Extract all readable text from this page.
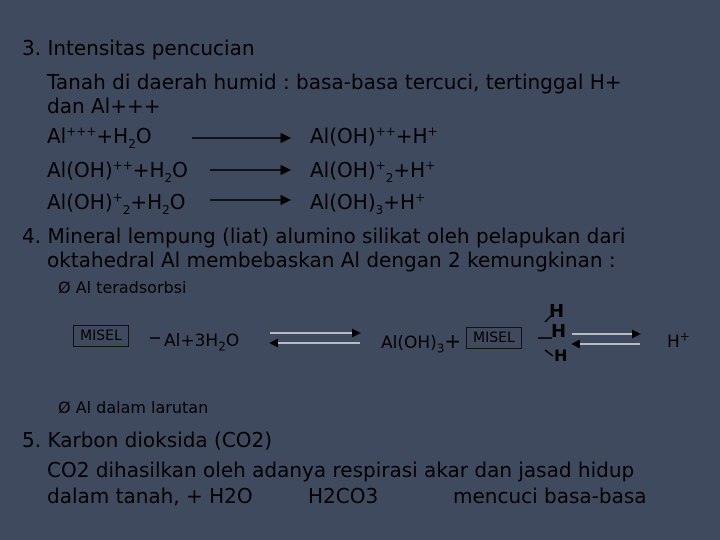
3. Intensitas pencucian
Tanah di daerah humid : basa-basa tercuci, tertinggal H+
dan Al+++
$Al^{+++}+H_2O$	Al(OH)+++H+
$Al(OH)^{++}+H_2O$	$Al(OH)^+_2+H^+$
$Al(OH)^+_2+H_2O$	$Al(OH)_3+H^+$
4. Mineral lempung (liat) alumino silikat oleh pelapukan dari
oktahedral Al membebaskan Al dengan 2 kemungkinan :
Ø Al teradsorbsi
MISEL	$Al+3H_2O$	$Al(OH)_3+$ MISEL
H
H
H
H+
Ø Al dalam larutan
5. Karbon dioksida (CO2)
CO2 dihasilkan oleh adanya respirasi akar dan jasad hidup
dalam tanah, + H2O	H2CO3	mencuci basa-basa
